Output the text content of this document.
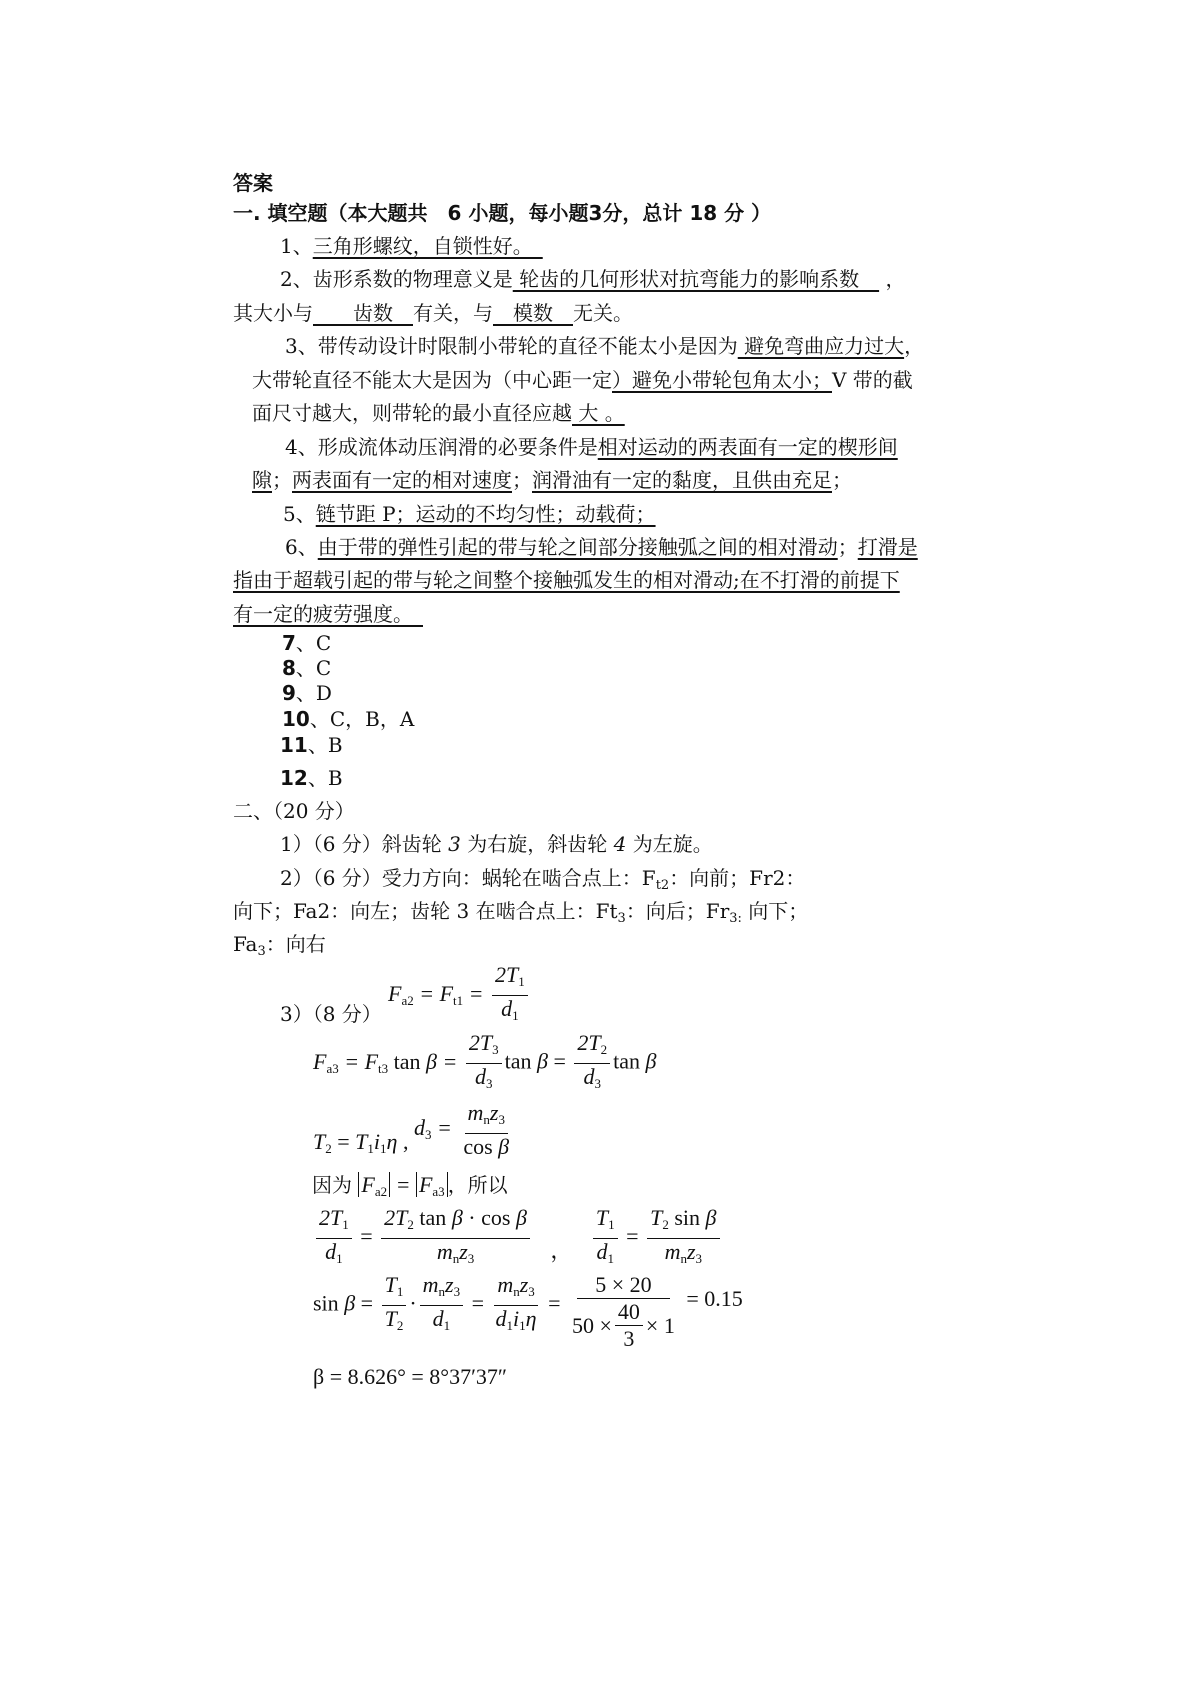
答案
一. 填空题（本大题共　6 小题，每小题3分，总计 18 分 ）
1、三角形螺纹，自锁性好。　
2、齿形系数的物理意义是 轮齿的几何形状对抗弯能力的影响系数　 ，
其大小与　　齿数　有关，与　模数　无关。
3、带传动设计时限制小带轮的直径不能太小是因为 避免弯曲应力过大，
大带轮直径不能太大是因为（中心距一定）避免小带轮包角太小；V 带的截
面尺寸越大，则带轮的最小直径应越 大 。
4、形成流体动压润滑的必要条件是相对运动的两表面有一定的楔形间
隙；两表面有一定的相对速度；润滑油有一定的黏度，且供由充足；
5、链节距 P；运动的不均匀性；动载荷；
6、由于带的弹性引起的带与轮之间部分接触弧之间的相对滑动；打滑是
指由于超载引起的带与轮之间整个接触弧发生的相对滑动;在不打滑的前提下
有一定的疲劳强度。　
7、C
8、C
9、D
10、C，B，A
11、B
12、B
二、（20 分）
1）（6 分）斜齿轮 3 为右旋，斜齿轮 4 为左旋。
2）（6 分）受力方向：蜗轮在啮合点上：$F_{t2}$：向前；Fr2：
向下；Fa2：向左；齿轮 3 在啮合点上：$Ft_3$：向后；$Fr_{3:}$ 向下；
$Fa_3$：向右
$F_{a2} = F_{t1} = \frac{2T_1}{d_1}$
3）（8 分）
$F_{a3} = F_{t3}$ $\tan \beta = \frac{2T_3}{d_3}$ $\tan \beta = \frac{2T_2}{d_3}$ tan β
$T_2 = T_1i_1\eta$ , $d_3 = \frac{m_nz_3}{\text{cos β}}$
因为 $F_{a2} = F_{a3}$ ，所以
$\frac{2T_1}{d_1} = \frac{2T_2 \tan \beta \cdot \cos \beta}{m_nz_3}$ ， $\frac{T_1}{d_1} = \frac{T_2 \sin \beta}{m_nz_3}$
$\sin \beta = \frac{T_1}{T_2} \cdot \frac{m_nz_3}{d_1} = \frac{m_nz_3}{d_1i_1\eta} = \frac{5 \times 20}{50 \times \frac{40}{3} \times 1} = 0.15$
β = 8.626° = 8°37′37″
